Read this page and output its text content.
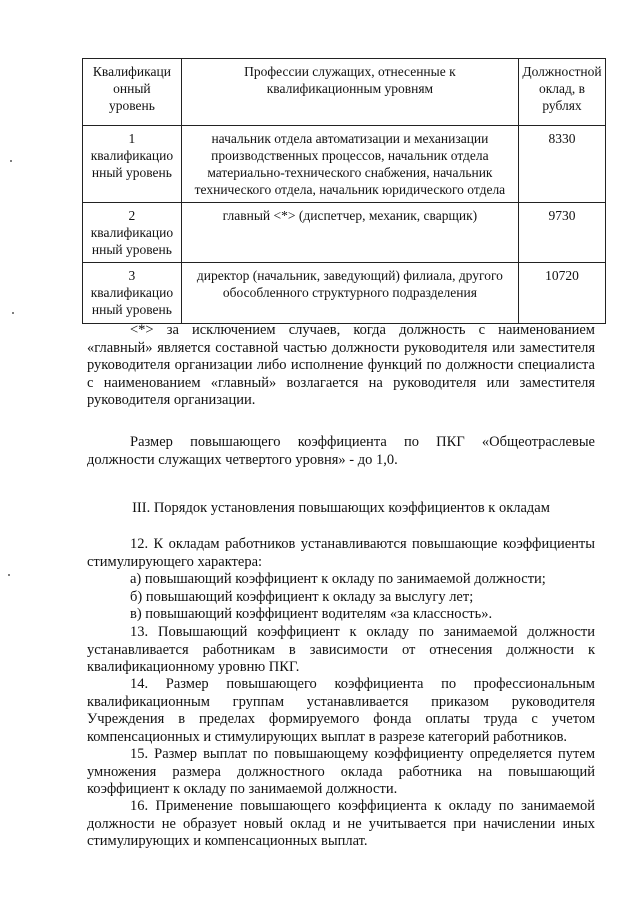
Квалификаци
онный
уровень	Профессии служащих, отнесенные к
квалификационным уровням	Должностной
оклад, в
рублях

1
квалификацио
нный уровень	начальник отдела автоматизации и механизации
производственных процессов, начальник отдела
материально-технического снабжения, начальник
технического отдела, начальник юридического отдела	8330

2
квалификацио
нный уровень	главный <*> (диспетчер, механик, сварщик)	9730

3
квалификацио
нный уровень	директор (начальник, заведующий) филиала, другого
обособленного структурного подразделения	10720

<*> за исключением случаев, когда должность с наименованием «главный» является составной частью должности руководителя или заместителя руководителя организации либо исполнение функций по должности специалиста с наименованием «главный» возлагается на руководителя или заместителя руководителя организации.

Размер повышающего коэффициента по ПКГ «Общеотраслевые должности служащих четвертого уровня» - до 1,0.

III. Порядок установления повышающих коэффициентов к окладам

12. К окладам работников устанавливаются повышающие коэффициенты стимулирующего характера:

а) повышающий коэффициент к окладу по занимаемой должности;
б) повышающий коэффициент к окладу за выслугу лет;
в) повышающий коэффициент водителям «за классность».

13. Повышающий коэффициент к окладу по занимаемой должности устанавливается работникам в зависимости от отнесения должности к квалификационному уровню ПКГ.

14. Размер повышающего коэффициента по профессиональным квалификационным группам устанавливается приказом руководителя Учреждения в пределах формируемого фонда оплаты труда с учетом компенсационных и стимулирующих выплат в разрезе категорий работников.

15. Размер выплат по повышающему коэффициенту определяется путем умножения размера должностного оклада работника на повышающий коэффициент к окладу по занимаемой должности.

16. Применение повышающего коэффициента к окладу по занимаемой должности не образует новый оклад и не учитывается при начислении иных стимулирующих и компенсационных выплат.
